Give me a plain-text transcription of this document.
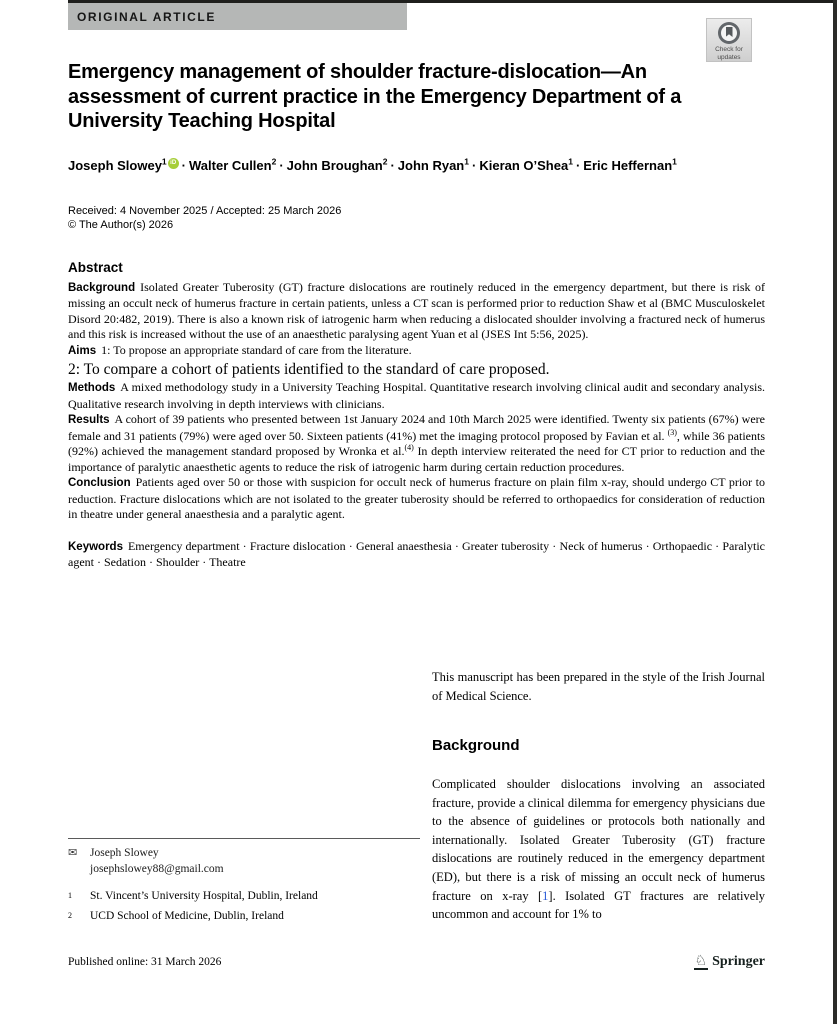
ORIGINAL ARTICLE
Check for
updates
Emergency management of shoulder fracture-dislocation—An assessment of current practice in the Emergency Department of a University Teaching Hospital
Joseph Slowey$^1$ iD · Walter Cullen$^2$ · John Broughan$^2$ · John Ryan$^1$ · Kieran O’Shea$^1$ · Eric Heffernan$^1$
Received: 4 November 2025 / Accepted: 25 March 2026
© The Author(s) 2026
Abstract
Background Isolated Greater Tuberosity (GT) fracture dislocations are routinely reduced in the emergency department, but there is risk of missing an occult neck of humerus fracture in certain patients, unless a CT scan is performed prior to reduction Shaw et al (BMC Musculoskelet Disord 20:482, 2019). There is also a known risk of iatrogenic harm when reducing a dislocated shoulder involving a fractured neck of humerus and this risk is increased without the use of an anaesthetic paralysing agent Yuan et al (JSES Int 5:56, 2025).
Aims 1: To propose an appropriate standard of care from the literature.
2: To compare a cohort of patients identified to the standard of care proposed.
Methods A mixed methodology study in a University Teaching Hospital. Quantitative research involving clinical audit and secondary analysis. Qualitative research involving in depth interviews with clinicians.
Results A cohort of 39 patients who presented between 1st January 2024 and 10th March 2025 were identified. Twenty six patients (67%) were female and 31 patients (79%) were aged over 50. Sixteen patients (41%) met the imaging protocol proposed by Favian et al. $^{(3)}$, while 36 patients (92%) achieved the management standard proposed by Wronka et al.$^{(4)}$ In depth interview reiterated the need for CT prior to reduction and the importance of paralytic anaesthetic agents to reduce the risk of iatrogenic harm during certain reduction procedures.
Conclusion Patients aged over 50 or those with suspicion for occult neck of humerus fracture on plain film x-ray, should undergo CT prior to reduction. Fracture dislocations which are not isolated to the greater tuberosity should be referred to orthopaedics for consideration of reduction in theatre under general anaesthesia and a paralytic agent.
Keywords Emergency department · Fracture dislocation · General anaesthesia · Greater tuberosity · Neck of humerus · Orthopaedic · Paralytic agent · Sedation · Shoulder · Theatre
This manuscript has been prepared in the style of the Irish Journal of Medical Science.
Background
Complicated shoulder dislocations involving an associated fracture, provide a clinical dilemma for emergency physicians due to the absence of guidelines or protocols both nationally and internationally. Isolated Greater Tuberosity (GT) fracture dislocations are routinely reduced in the emergency department (ED), but there is a risk of missing an occult neck of humerus fracture on x-ray [1]. Isolated GT fractures are relatively uncommon and account for 1% to
✉	Joseph Slowey
josephslowey88@gmail.com
1	St. Vincent’s University Hospital, Dublin, Ireland
2	UCD School of Medicine, Dublin, Ireland
Published online: 31 March 2026	♘ Springer
